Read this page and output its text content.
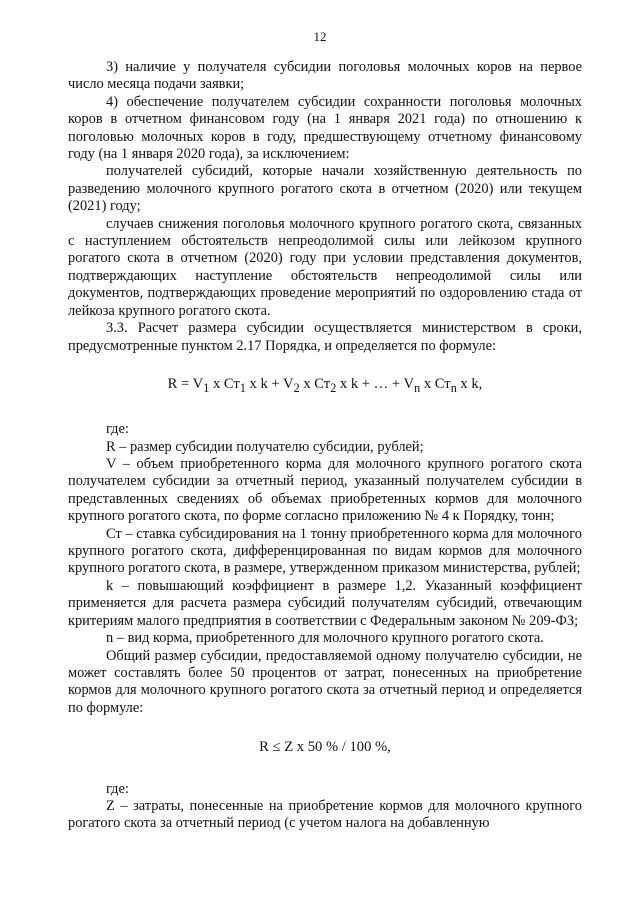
12

3) наличие у получателя субсидии поголовья молочных коров на первое число месяца подачи заявки;

4) обеспечение получателем субсидии сохранности поголовья молочных коров в отчетном финансовом году (на 1 января 2021 года) по отношению к поголовью молочных коров в году, предшествующему отчетному финансовому году (на 1 января 2020 года), за исключением:

получателей субсидий, которые начали хозяйственную деятельность по разведению молочного крупного рогатого скота в отчетном (2020) или текущем (2021) году;

случаев снижения поголовья молочного крупного рогатого скота, связанных с наступлением обстоятельств непреодолимой силы или лейкозом крупного рогатого скота в отчетном (2020) году при условии представления документов, подтверждающих наступление обстоятельств непреодолимой силы или документов, подтверждающих проведение мероприятий по оздоровлению стада от лейкоза крупного рогатого скота.

3.3. Расчет размера субсидии осуществляется министерством в сроки, предусмотренные пунктом 2.17 Порядка, и определяется по формуле:

$R = V_1$ x $Ст_1$ x $k + V_2$ x $Ст_2$ x k + … + $V_n$ x $Ст_n$ x k,

где:

R – размер субсидии получателю субсидии, рублей;

V – объем приобретенного корма для молочного крупного рогатого скота получателем субсидии за отчетный период, указанный получателем субсидии в представленных сведениях об объемах приобретенных кормов для молочного крупного рогатого скота, по форме согласно приложению № 4 к Порядку, тонн;

Ст – ставка субсидирования на 1 тонну приобретенного корма для молочного крупного рогатого скота, дифференцированная по видам кормов для молочного крупного рогатого скота, в размере, утвержденном приказом министерства, рублей;

k – повышающий коэффициент в размере 1,2. Указанный коэффициент применяется для расчета размера субсидий получателям субсидий, отвечающим критериям малого предприятия в соответствии с Федеральным законом № 209-ФЗ;

n – вид корма, приобретенного для молочного крупного рогатого скота.

Общий размер субсидии, предоставляемой одному получателю субсидии, не может составлять более 50 процентов от затрат, понесенных на приобретение кормов для молочного крупного рогатого скота за отчетный период и определяется по формуле:

R ≤ Z x 50 % / 100 %,

где:

Z – затраты, понесенные на приобретение кормов для молочного крупного рогатого скота за отчетный период (с учетом налога на добавленную
